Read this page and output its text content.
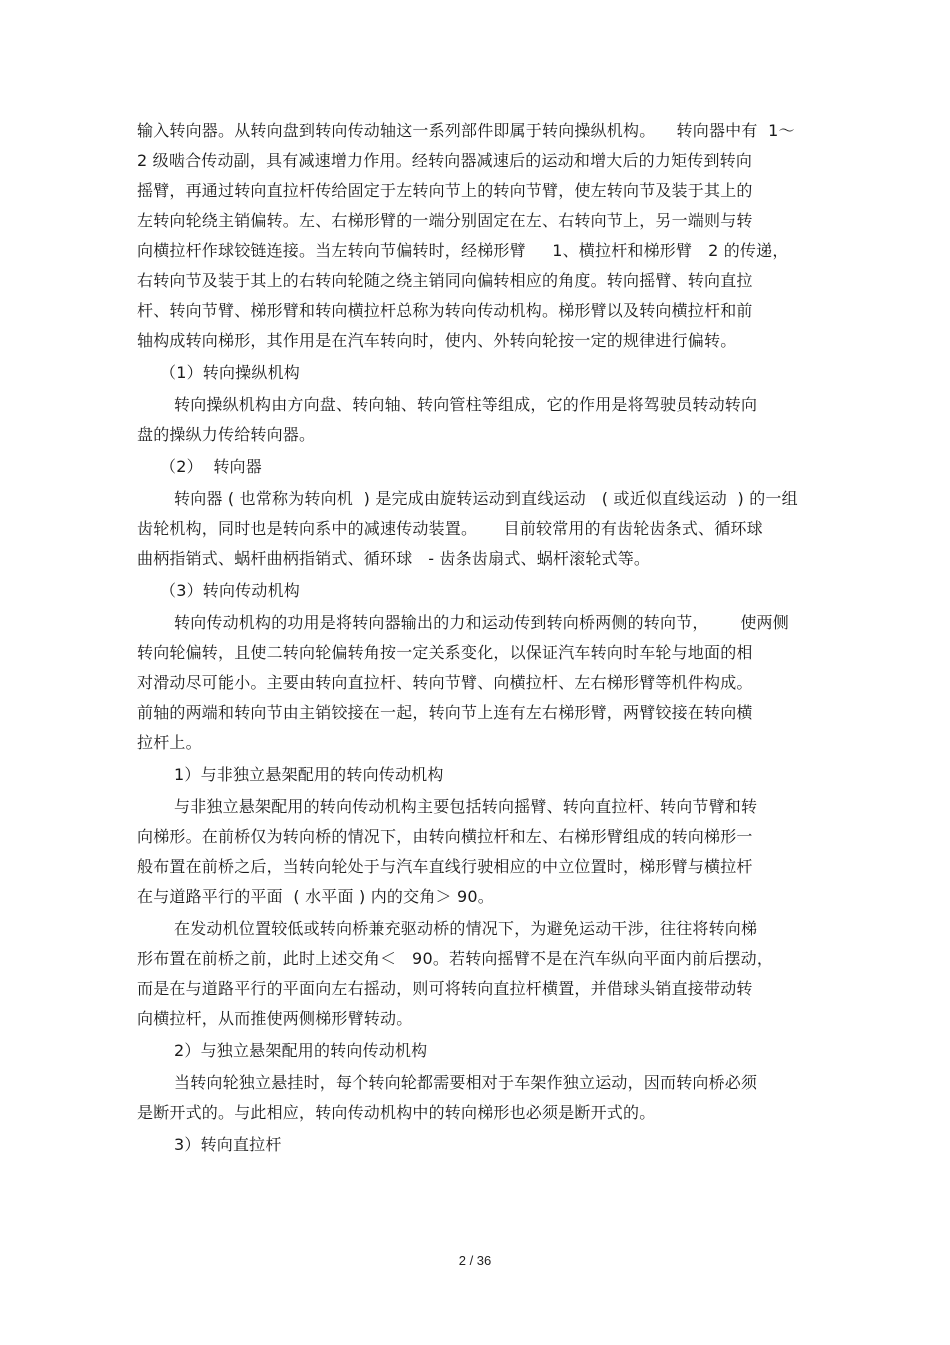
输入转向器。从转向盘到转向传动轴这一系列部件即属于转向操纵机构。    转向器中有  1～
2 级啮合传动副，具有减速增力作用。经转向器减速后的运动和增大后的力矩传到转向
摇臂，再通过转向直拉杆传给固定于左转向节上的转向节臂，使左转向节及装于其上的
左转向轮绕主销偏转。左、右梯形臂的一端分别固定在左、右转向节上，另一端则与转
向横拉杆作球铰链连接。当左转向节偏转时，经梯形臂     1、横拉杆和梯形臂   2 的传递，
右转向节及装于其上的右转向轮随之绕主销同向偏转相应的角度。转向摇臂、转向直拉
杆、转向节臂、梯形臂和转向横拉杆总称为转向传动机构。梯形臂以及转向横拉杆和前
轴构成转向梯形，其作用是在汽车转向时，使内、外转向轮按一定的规律进行偏转。
（1）转向操纵机构
转向操纵机构由方向盘、转向轴、转向管柱等组成，它的作用是将驾驶员转动转向
盘的操纵力传给转向器。
（2）  转向器
转向器 ( 也常称为转向机  ) 是完成由旋转运动到直线运动   ( 或近似直线运动  ) 的一组
齿轮机构，同时也是转向系中的减速传动装置。     目前较常用的有齿轮齿条式、循环球
曲柄指销式、蜗杆曲柄指销式、循环球   - 齿条齿扇式、蜗杆滚轮式等。
（3）转向传动机构
转向传动机构的功用是将转向器输出的力和运动传到转向桥两侧的转向节，      使两侧
转向轮偏转，且使二转向轮偏转角按一定关系变化，以保证汽车转向时车轮与地面的相
对滑动尽可能小。主要由转向直拉杆、转向节臂、向横拉杆、左右梯形臂等机件构成。
前轴的两端和转向节由主销铰接在一起，转向节上连有左右梯形臂，两臂铰接在转向横
拉杆上。
1）与非独立悬架配用的转向传动机构
与非独立悬架配用的转向传动机构主要包括转向摇臂、转向直拉杆、转向节臂和转
向梯形。在前桥仅为转向桥的情况下，由转向横拉杆和左、右梯形臂组成的转向梯形一
般布置在前桥之后，当转向轮处于与汽车直线行驶相应的中立位置时，梯形臂与横拉杆
在与道路平行的平面  ( 水平面 ) 内的交角＞ 90。
在发动机位置较低或转向桥兼充驱动桥的情况下，为避免运动干涉，往往将转向梯
形布置在前桥之前，此时上述交角＜   90。若转向摇臂不是在汽车纵向平面内前后摆动，
而是在与道路平行的平面向左右摇动，则可将转向直拉杆横置，并借球头销直接带动转
向横拉杆，从而推使两侧梯形臂转动。
2）与独立悬架配用的转向传动机构
当转向轮独立悬挂时，每个转向轮都需要相对于车架作独立运动，因而转向桥必须
是断开式的。与此相应，转向传动机构中的转向梯形也必须是断开式的。
3）转向直拉杆
2 / 36
